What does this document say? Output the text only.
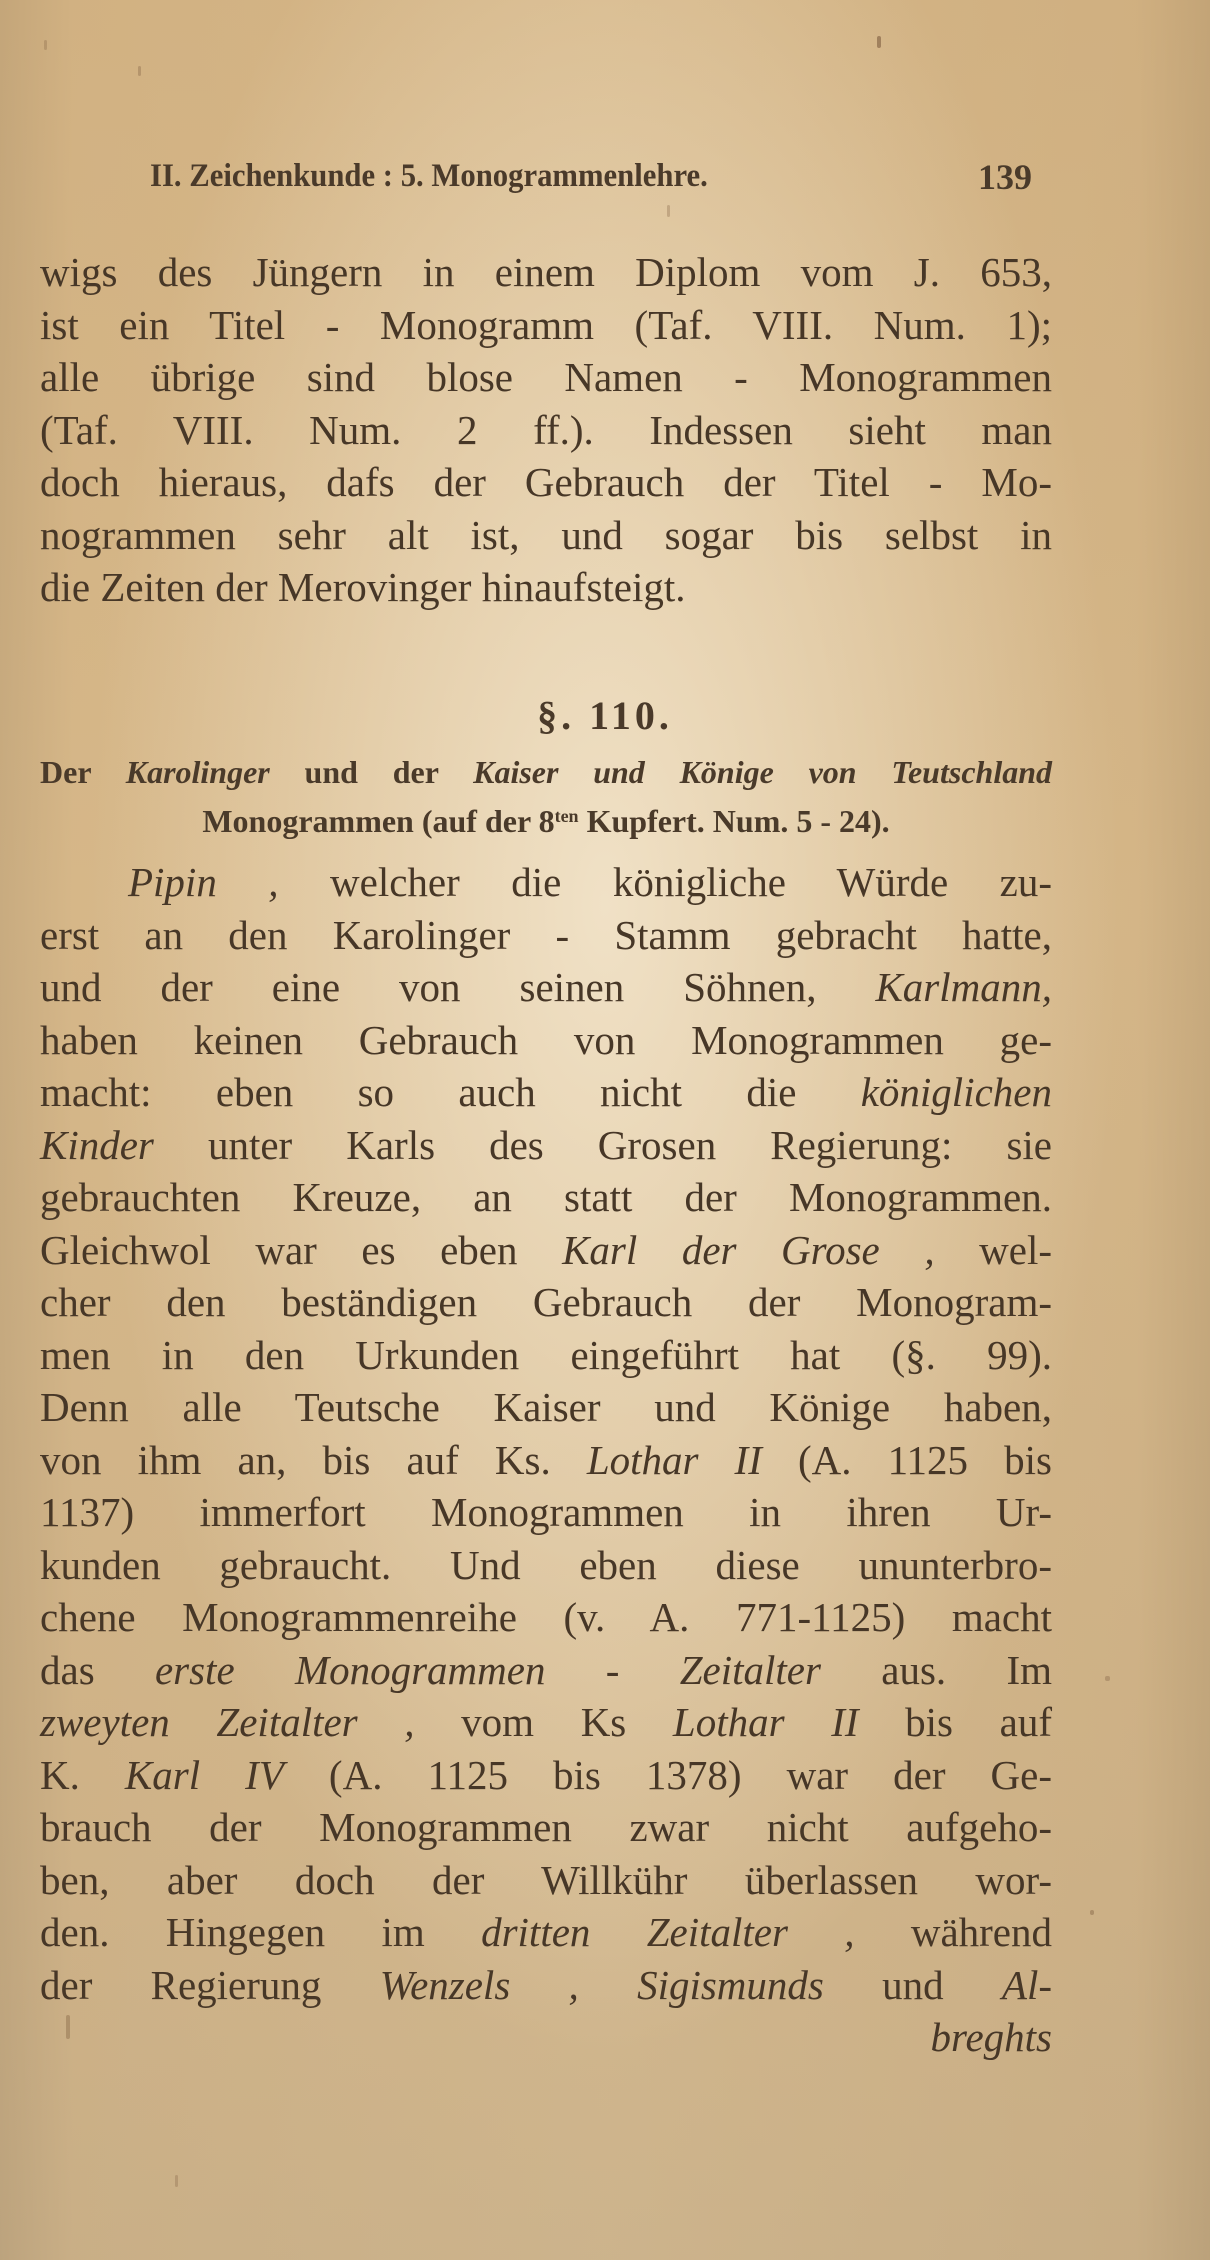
II. Zeichenkunde : 5. Monogrammenlehre.	139
wigs des Jüngern in einem Diplom vom J. 653,
ist ein Titel - Monogramm (Taf. VIII. Num. 1);
alle übrige sind blose Namen - Monogrammen
(Taf. VIII. Num. 2 ff.). Indessen sieht man
doch hieraus, dafs der Gebrauch der Titel - Mo-
nogrammen sehr alt ist, und sogar bis selbst in
die Zeiten der Merovinger hinaufsteigt.
§. 110.
Der Karolinger und der Kaiser und Könige von Teutschland
Monogrammen (auf der $8^{ten}$ Kupfert. Num. 5 - 24).
Pipin , welcher die königliche Würde zu-
erst an den Karolinger - Stamm gebracht hatte,
und der eine von seinen Söhnen, Karlmann,
haben keinen Gebrauch von Monogrammen ge-
macht: eben so auch nicht die königlichen
Kinder unter Karls des Grosen Regierung: sie
gebrauchten Kreuze, an statt der Monogrammen.
Gleichwol war es eben Karl der Grose , wel-
cher den beständigen Gebrauch der Monogram-
men in den Urkunden eingeführt hat (§. 99).
Denn alle Teutsche Kaiser und Könige haben,
von ihm an, bis auf Ks. Lothar II (A. 1125 bis
1137) immerfort Monogrammen in ihren Ur-
kunden gebraucht. Und eben diese ununterbro-
chene Monogrammenreihe (v. A. 771-1125) macht
das erste Monogrammen - Zeitalter aus. Im
zweyten Zeitalter , vom Ks Lothar II bis auf
K. Karl IV (A. 1125 bis 1378) war der Ge-
brauch der Monogrammen zwar nicht aufgeho-
ben, aber doch der Willkühr überlassen wor-
den. Hingegen im dritten Zeitalter , während
der Regierung Wenzels , Sigismunds und Al-
breghts
